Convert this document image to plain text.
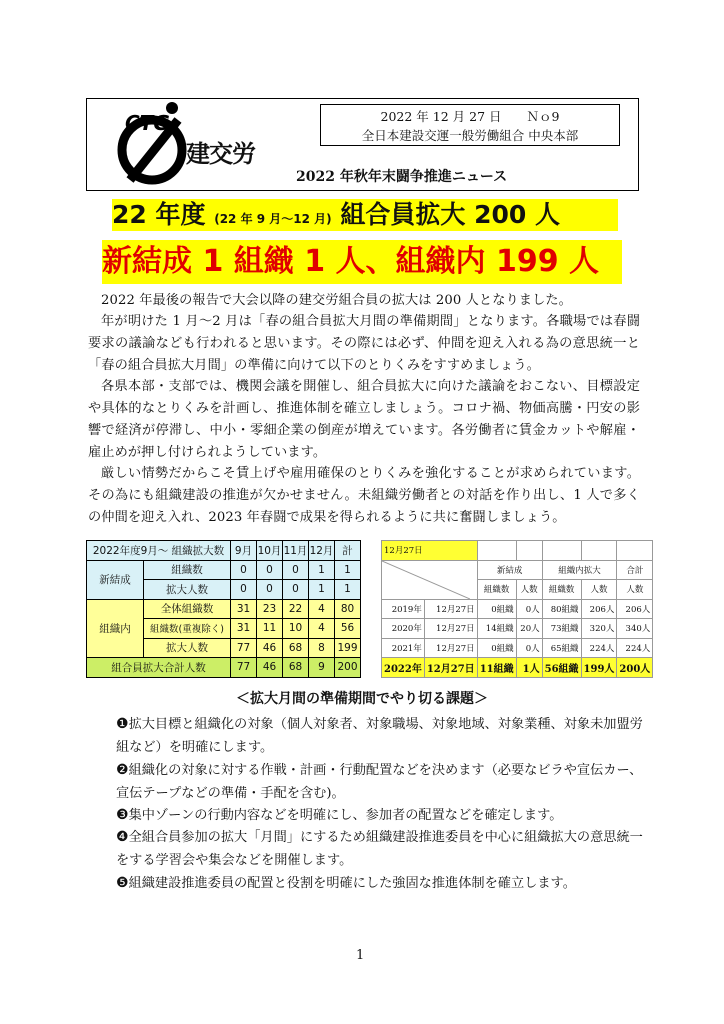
CTG
建交労
2022 年 12 月 27 日　　Ｎｏ9
全日本建設交運一般労働組合 中央本部
2022 年秋年末闘争推進ニュース
22 年度 (22 年 9 月～12 月) 組合員拡大 200 人
新結成 1 組織 1 人、組織内 199 人
2022 年最後の報告で大会以降の建交労組合員の拡大は 200 人となりました。
年が明けた 1 月～2 月は「春の組合員拡大月間の準備期間」となります。各職場では春闘要求の議論なども行われると思います。その際には必ず、仲間を迎え入れる為の意思統一と「春の組合員拡大月間」の準備に向けて以下のとりくみをすすめましょう。
各県本部・支部では、機関会議を開催し、組合員拡大に向けた議論をおこない、目標設定や具体的なとりくみを計画し、推進体制を確立しましょう。コロナ禍、物価高騰・円安の影響で経済が停滞し、中小・零細企業の倒産が増えています。各労働者に賃金カットや解雇・雇止めが押し付けられようしています。
厳しい情勢だからこそ賃上げや雇用確保のとりくみを強化することが求められています。その為にも組織建設の推進が欠かせません。未組織労働者との対話を作り出し、1 人で多くの仲間を迎え入れ、2023 年春闘で成果を得られるように共に奮闘しましょう。
2022年度9月～ 組織拡大数		9月	10月	11月	12月	計
新結成	組織数	0	0	0	1	1
	拡大人数	0	0	0	1	1
組織内	全体組織数	31	23	22	4	80
	組織数(重複除く)	31	11	10	4	56
	拡大人数	77	46	68	8	199
組合員拡大合計人数		77	46	68	9	200
12月27日						

	新結成		組織内拡大		合計
		組織数	人数	組織数	人数	人数
2019年	12月27日	0組織	0人	80組織	206人	206人
2020年	12月27日	14組織	20人	73組織	320人	340人
2021年	12月27日	0組織	0人	65組織	224人	224人
2022年	12月27日	11組織	1人	56組織	199人	200人
＜拡大月間の準備期間でやり切る課題＞
❶拡大目標と組織化の対象（個人対象者、対象職場、対象地域、対象業種、対象未加盟労組など）を明確にします。
❷組織化の対象に対する作戦・計画・行動配置などを決めます（必要なビラや宣伝カー、宣伝テープなどの準備・手配を含む)。
❸集中ゾーンの行動内容などを明確にし、参加者の配置などを確定します。
❹全組合員参加の拡大「月間」にするため組織建設推進委員を中心に組織拡大の意思統一をする学習会や集会などを開催します。
❺組織建設推進委員の配置と役割を明確にした強固な推進体制を確立します。
1
